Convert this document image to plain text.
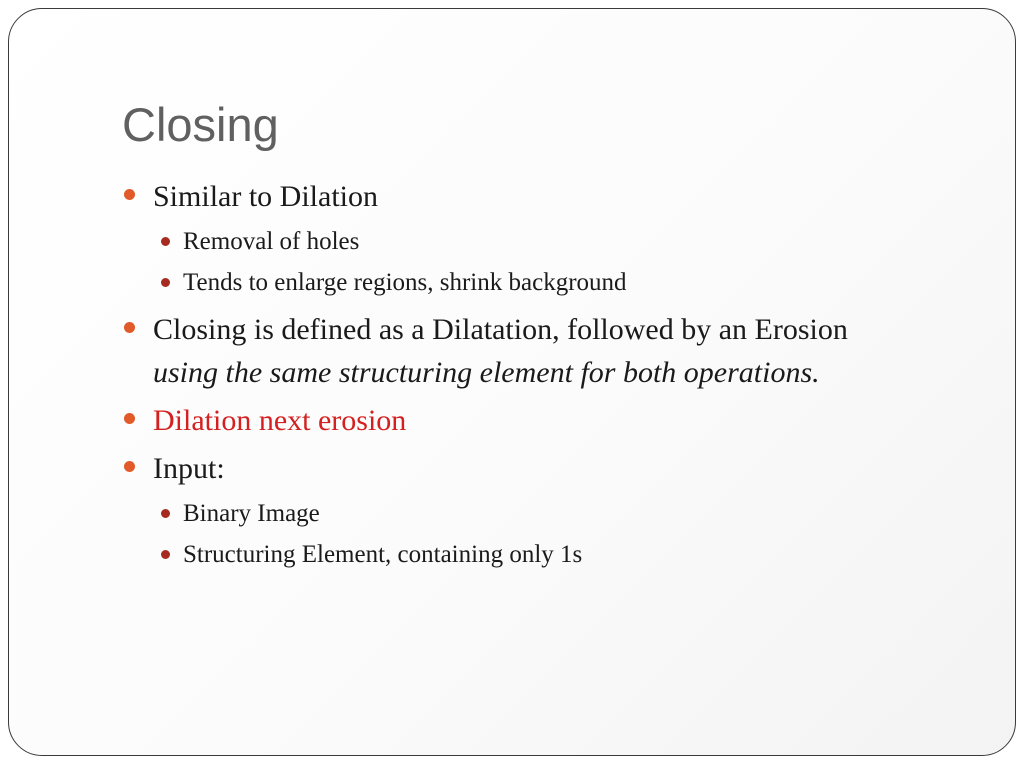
Closing
Similar to Dilation
Removal of holes
Tends to enlarge regions, shrink background
Closing is defined as a Dilatation, followed by an Erosion
using the same structuring element for both operations.
Dilation next erosion
Input:
Binary Image
Structuring Element, containing only 1s
